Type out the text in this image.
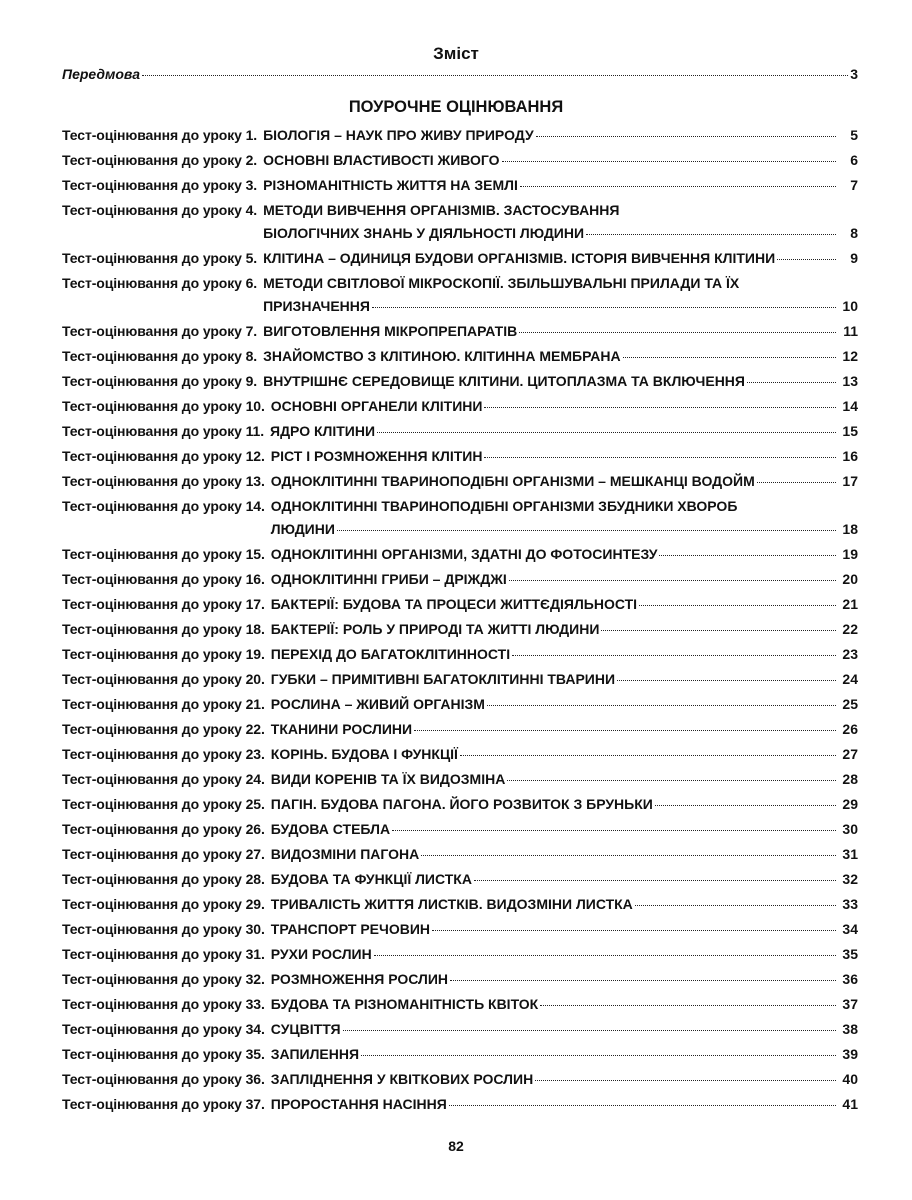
Зміст
Передмова	3
ПОУРОЧНЕ ОЦІНЮВАННЯ
Тест-оцінювання до уроку 1. БІОЛОГІЯ – НАУК ПРО ЖИВУ ПРИРОДУ	5
Тест-оцінювання до уроку 2. ОСНОВНІ ВЛАСТИВОСТІ ЖИВОГО	6
Тест-оцінювання до уроку 3. РІЗНОМАНІТНІСТЬ ЖИТТЯ НА ЗЕМЛІ	7
Тест-оцінювання до уроку 4. МЕТОДИ ВИВЧЕННЯ ОРГАНІЗМІВ. ЗАСТОСУВАННЯ
БІОЛОГІЧНИХ ЗНАНЬ У ДІЯЛЬНОСТІ ЛЮДИНИ	8
Тест-оцінювання до уроку 5. КЛІТИНА – ОДИНИЦЯ БУДОВИ ОРГАНІЗМІВ. ІСТОРІЯ ВИВЧЕННЯ КЛІТИНИ	9
Тест-оцінювання до уроку 6. МЕТОДИ СВІТЛОВОЇ МІКРОСКОПІЇ. ЗБІЛЬШУВАЛЬНІ ПРИЛАДИ ТА ЇХ
ПРИЗНАЧЕННЯ	10
Тест-оцінювання до уроку 7. ВИГОТОВЛЕННЯ МІКРОПРЕПАРАТІВ	11
Тест-оцінювання до уроку 8. ЗНАЙОМСТВО З КЛІТИНОЮ. КЛІТИННА МЕМБРАНА	12
Тест-оцінювання до уроку 9. ВНУТРІШНЄ СЕРЕДОВИЩЕ КЛІТИНИ. ЦИТОПЛАЗМА ТА ВКЛЮЧЕННЯ	13
Тест-оцінювання до уроку 10. ОСНОВНІ ОРГАНЕЛИ КЛІТИНИ	14
Тест-оцінювання до уроку 11. ЯДРО КЛІТИНИ	15
Тест-оцінювання до уроку 12. РІСТ І РОЗМНОЖЕННЯ КЛІТИН	16
Тест-оцінювання до уроку 13. ОДНОКЛІТИННІ ТВАРИНОПОДІБНІ ОРГАНІЗМИ – МЕШКАНЦІ ВОДОЙМ	17
Тест-оцінювання до уроку 14. ОДНОКЛІТИННІ ТВАРИНОПОДІБНІ ОРГАНІЗМИ ЗБУДНИКИ ХВОРОБ
ЛЮДИНИ	18
Тест-оцінювання до уроку 15. ОДНОКЛІТИННІ ОРГАНІЗМИ, ЗДАТНІ ДО ФОТОСИНТЕЗУ	19
Тест-оцінювання до уроку 16. ОДНОКЛІТИННІ ГРИБИ – ДРІЖДЖІ	20
Тест-оцінювання до уроку 17. БАКТЕРІЇ: БУДОВА ТА ПРОЦЕСИ ЖИТТЄДІЯЛЬНОСТІ	21
Тест-оцінювання до уроку 18. БАКТЕРІЇ: РОЛЬ У ПРИРОДІ ТА ЖИТТІ ЛЮДИНИ	22
Тест-оцінювання до уроку 19. ПЕРЕХІД ДО БАГАТОКЛІТИННОСТІ	23
Тест-оцінювання до уроку 20. ГУБКИ – ПРИМІТИВНІ БАГАТОКЛІТИННІ ТВАРИНИ	24
Тест-оцінювання до уроку 21. РОСЛИНА – ЖИВИЙ ОРГАНІЗМ	25
Тест-оцінювання до уроку 22. ТКАНИНИ РОСЛИНИ	26
Тест-оцінювання до уроку 23. КОРІНЬ. БУДОВА І ФУНКЦІЇ	27
Тест-оцінювання до уроку 24. ВИДИ КОРЕНІВ ТА ЇХ ВИДОЗМІНА	28
Тест-оцінювання до уроку 25. ПАГІН. БУДОВА ПАГОНА. ЙОГО РОЗВИТОК З БРУНЬКИ	29
Тест-оцінювання до уроку 26. БУДОВА СТЕБЛА	30
Тест-оцінювання до уроку 27. ВИДОЗМІНИ ПАГОНА	31
Тест-оцінювання до уроку 28. БУДОВА ТА ФУНКЦІЇ ЛИСТКА	32
Тест-оцінювання до уроку 29. ТРИВАЛІСТЬ ЖИТТЯ ЛИСТКІВ. ВИДОЗМІНИ ЛИСТКА	33
Тест-оцінювання до уроку 30. ТРАНСПОРТ РЕЧОВИН	34
Тест-оцінювання до уроку 31. РУХИ РОСЛИН	35
Тест-оцінювання до уроку 32. РОЗМНОЖЕННЯ РОСЛИН	36
Тест-оцінювання до уроку 33. БУДОВА ТА РІЗНОМАНІТНІСТЬ КВІТОК	37
Тест-оцінювання до уроку 34. СУЦВІТТЯ	38
Тест-оцінювання до уроку 35. ЗАПИЛЕННЯ	39
Тест-оцінювання до уроку 36. ЗАПЛІДНЕННЯ У КВІТКОВИХ РОСЛИН	40
Тест-оцінювання до уроку 37. ПРОРОСТАННЯ НАСІННЯ	41
82
